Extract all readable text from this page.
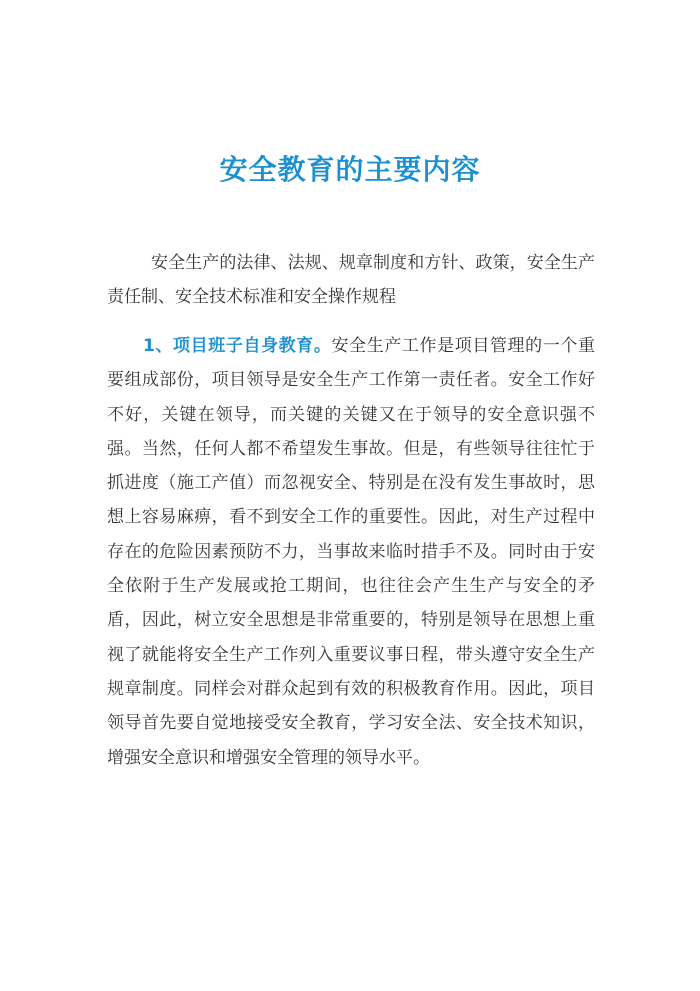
安全教育的主要内容

安全生产的法律、法规、规章制度和方针、政策，安全生产责任制、安全技术标准和安全操作规程

1、项目班子自身教育。安全生产工作是项目管理的一个重要组成部份，项目领导是安全生产工作第一责任者。安全工作好不好，关键在领导，而关键的关键又在于领导的安全意识强不强。当然，任何人都不希望发生事故。但是，有些领导往往忙于抓进度（施工产值）而忽视安全、特别是在没有发生事故时，思想上容易麻痹，看不到安全工作的重要性。因此，对生产过程中存在的危险因素预防不力，当事故来临时措手不及。同时由于安全依附于生产发展或抢工期间，也往往会产生生产与安全的矛盾，因此，树立安全思想是非常重要的，特别是领导在思想上重视了就能将安全生产工作列入重要议事日程，带头遵守安全生产规章制度。同样会对群众起到有效的积极教育作用。因此，项目领导首先要自觉地接受安全教育，学习安全法、安全技术知识，增强安全意识和增强安全管理的领导水平。
